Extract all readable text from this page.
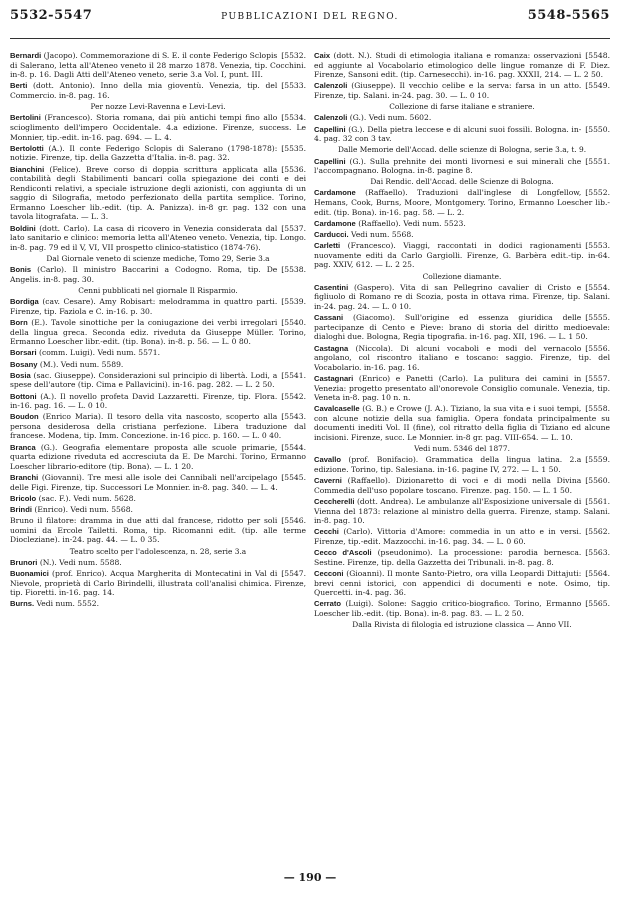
5532-5547	PUBBLICAZIONI DEL REGNO.	5548-5565
[5532.
Bernardi (Jacopo). Commemorazione di S. E. il conte Federigo Sclopis di Salerano, letta all'Ateneo veneto il 28 marzo 1878. Venezia, tip. Cocchini. in-8. p. 16. Dagli Atti dell'Ateneo veneto, serie 3.a Vol. I, punt. III.
[5533.
Berti (dott. Antonio). Inno della mia gioventù. Venezia, tip. del Commercio. in-8. pag. 16.
Per nozze Levi-Ravenna e Levi-Levi.
[5534.
Bertolini (Francesco). Storia romana, dai più antichi tempi fino allo scioglimento dell'impero Occidentale. 4.a edizione. Firenze, success. Le Monnier, tip.-edit. in-16. pag. 694. — L. 4.
[5535.
Bertolotti (A.). Il conte Federigo Sclopis di Salerano (1798-1878): notizie. Firenze, tip. della Gazzetta d'Italia. in-8. pag. 32.
[5536.
Bianchini (Felice). Breve corso di doppia scrittura applicata alla contabilità degli Stabilimenti bancari colla spiegazione dei conti e dei Rendiconti relativi, a speciale istruzione degli azionisti, con aggiunta di un saggio di Silografia, metodo perfezionato della partita semplice. Torino, Ermanno Loescher lib.-edit. (tip. A. Panizza). in-8 gr. pag. 132 con una tavola litografata. — L. 3.
[5537.
Boldini (dott. Carlo). La casa di ricovero in Venezia considerata dal lato sanitario e clinico: memoria letta all'Ateneo veneto. Venezia, tip. Longo. in-8. pag. 79 ed il V, VI, VII prospetto clinico-statistico (1874-76).
Dal Giornale veneto di scienze mediche, Tomo 29, Serie 3.a
[5538.
Bonis (Carlo). Il ministro Baccarini a Codogno. Roma, tip. De Angelis. in-8. pag. 30.
Cenni pubblicati nel giornale Il Risparmio.
[5539.
Bordiga (cav. Cesare). Amy Robisart: melodramma in quattro parti. Firenze, tip. Faziola e C. in-16. p. 30.
[5540.
Born (E.). Tavole sinottiche per la coniugazione dei verbi irregolari della lingua greca. Seconda ediz. riveduta da Giuseppe Müller. Torino, Ermanno Loescher libr.-edit. (tip. Bona). in-8. p. 56. — L. 0 80.
Borsari (comm. Luigi). Vedi num. 5571.
Bosany (M.). Vedi num. 5589.
[5541.
Bosia (sac. Giuseppe). Considerazioni sul principio di libertà. Lodi, a spese dell'autore (tip. Cima e Pallavicini). in-16. pag. 282. — L. 2 50.
[5542.
Bottoni (A.). Il novello profeta David Lazzaretti. Firenze, tip. Flora. in-16. pag. 16. — L. 0 10.
[5543.
Boudon (Enrico Maria). Il tesoro della vita nascosto, scoperto alla persona desiderosa della cristiana perfezione. Libera traduzione dal francese. Modena, tip. Imm. Concezione. in-16 picc. p. 160. — L. 0 40.
[5544.
Branca (G.). Geografia elementare proposta alle scuole primarie, quarta edizione riveduta ed accresciuta da E. De Marchi. Torino, Ermanno Loescher librario-editore (tip. Bona). — L. 1 20.
[5545.
Branchi (Giovanni). Tre mesi alle isole dei Cannibali nell'arcipelago delle Figi. Firenze, tip. Successori Le Monnier. in-8. pag. 340. — L. 4.
Bricolo (sac. F.). Vedi num. 5628.
Brindi (Enrico). Vedi num. 5568.
[5546.
Bruno il filatore: dramma in due atti dal francese, ridotto per soli uomini da Ercole Tailetti. Roma, tip. Ricomanni edit. (tip. alle terme Diocleziane). in-24. pag. 44. — L. 0 35.
Teatro scelto per l'adolescenza, n. 28, serie 3.a
Brunori (N.). Vedi num. 5588.
[5547.
Buonamici (prof. Enrico). Acqua Margherita di Montecatini in Val di Nievole, proprietà di Carlo Birindelli, illustrata coll'analisi chimica. Firenze, tip. Fioretti. in-16. pag. 14.
Burns. Vedi num. 5552.
[5548.
Caix (dott. N.). Studi di etimologia italiana e romanza: osservazioni ed aggiunte al Vocabolario etimologico delle lingue romanze di F. Diez. Firenze, Sansoni edit. (tip. Carnesecchi). in-16. pag. XXXII, 214. — L. 2 50.
[5549.
Calenzoli (Giuseppe). Il vecchio celibe e la serva: farsa in un atto. Firenze, tip. Salani. in-24. pag. 30. — L. 0 10.
Collezione di farse italiane e straniere.
Calenzoli (G.). Vedi num. 5602.
[5550.
Capellini (G.). Della pietra leccese e di alcuni suoi fossili. Bologna. in-4. pag. 32 con 3 tav.
Dalle Memorie dell'Accad. delle scienze di Bologna, serie 3.a, t. 9.
[5551.
Capellini (G.). Sulla prehnite dei monti livornesi e sui minerali che l'accompagnano. Bologna. in-8. pagine 8.
Dai Rendic. dell'Accad. delle Scienze di Bologna.
[5552.
Cardamone (Raffaello). Traduzioni dall'inglese di Longfellow, Hemans, Cook, Burns, Moore, Montgomery. Torino, Ermanno Loescher lib.-edit. (tip. Bona). in-16. pag. 58. — L. 2.
Cardamone (Raffaello). Vedi num. 5523.
Carducci. Vedi num. 5568.
[5553.
Carletti (Francesco). Viaggi, raccontati in dodici ragionamenti nuovamente editi da Carlo Gargiolli. Firenze, G. Barbèra edit.-tip. in-64. pag. XXIV, 612. — L. 2 25.
Collezione diamante.
[5554.
Casentini (Gaspero). Vita di san Pellegrino cavalier di Cristo e figliuolo di Romano re di Scozia, posta in ottava rima. Firenze, tip. Salani. in-24. pag. 24. — L. 0 10.
[5555.
Cassani (Giacomo). Sull'origine ed essenza giuridica delle partecipanze di Cento e Pieve: brano di storia del diritto medioevale: dialoghi due. Bologna, Regia tipografia. in-16. pag. XII, 196. — L. 1 50.
[5556.
Castagna (Niccola). Di alcuni vocaboli e modi del vernacolo angolano, col riscontro italiano e toscano: saggio. Firenze, tip. del Vocabolario. in-16. pag. 16.
[5557.
Castagnari (Enrico) e Panetti (Carlo). La pulitura dei camini in Venezia: progetto presentato all'onorevole Consiglio comunale. Venezia, tip. Veneta in-8. pag. 10 n. n.
[5558.
Cavalcaselle (G. B.) e Crowe (J. A.). Tiziano, la sua vita e i suoi tempi, con alcune notizie della sua famiglia. Opera fondata principalmente su documenti inediti Vol. II (fine), col ritratto della figlia di Tiziano ed alcune incisioni. Firenze, succ. Le Monnier. in-8 gr. pag. VIII-654. — L. 10.
Vedi num. 5346 del 1877.
[5559.
Cavallo (prof. Bonifacio). Grammatica della lingua latina. 2.a edizione. Torino, tip. Salesiana. in-16. pagine IV, 272. — L. 1 50.
[5560.
Caverni (Raffaello). Dizionaretto di voci e di modi nella Divina Commedia dell'uso popolare toscano. Firenze. pag. 150. — L. 1 50.
[5561.
Ceccherelli (dott. Andrea). Le ambulanze all'Esposizione universale di Vienna del 1873: relazione al ministro della guerra. Firenze, stamp. Salani. in-8. pag. 10.
[5562.
Cecchi (Carlo). Vittoria d'Amore: commedia in un atto e in versi. Firenze, tip.-edit. Mazzocchi. in-16. pag. 34. — L. 0 60.
[5563.
Cecco d'Ascoli (pseudonimo). La processione: parodia bernesca. Sestine. Firenze, tip. della Gazzetta dei Tribunali. in-8. pag. 8.
[5564.
Cecconi (Gioanni). Il monte Santo-Pietro, ora villa Leopardi Dittajuti: brevi cenni istorici, con appendici di documenti e note. Osimo, tip. Quercetti. in-4. pag. 36.
[5565.
Cerrato (Luigi). Solone: Saggio critico-biografico. Torino, Ermanno Loescher lib.-edit. (tip. Bona). in-8. pag. 83. — L. 2 50.
Dalla Rivista di filologia ed istruzione classica — Anno VII.
— 190 —
